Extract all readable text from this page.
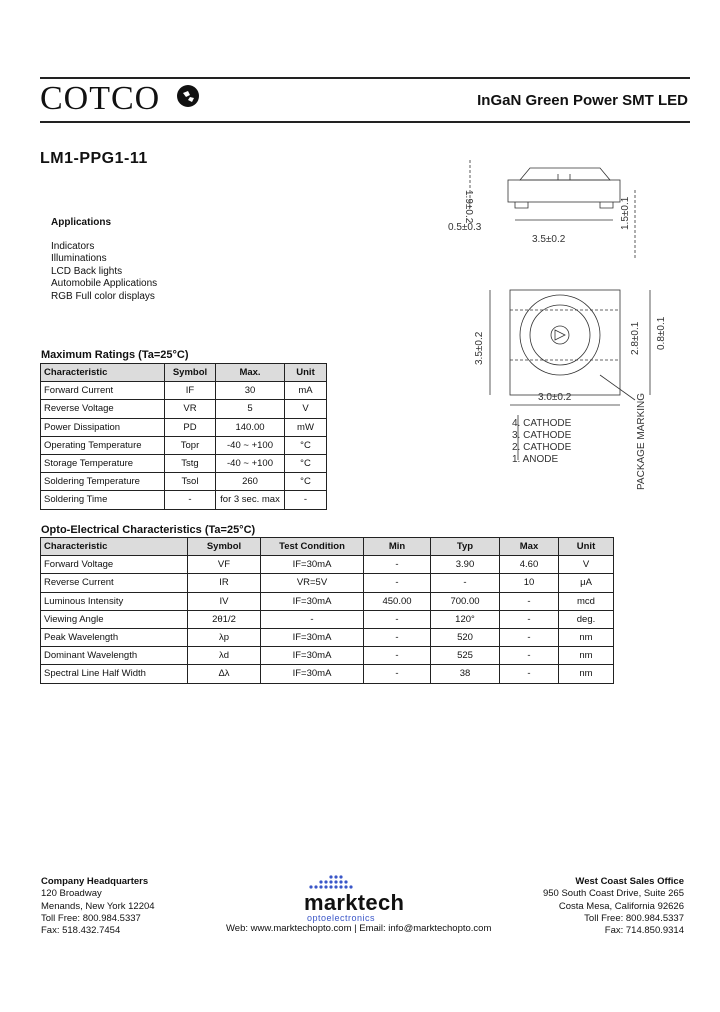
COTCO	InGaN Green Power SMT LED
LM1-PPG1-11
Applications
Indicators
Illuminations
LCD Back lights
Automobile Applications
RGB Full color displays
1.9±0.2
0.5±0.3
3.5±0.2
1.5±0.1
3.5±0.2
3.0±0.2
2.8±0.1 0.8±0.1
4. CATHODE
3. CATHODE
2. CATHODE
1. ANODE	PACKAGE MARKING
Maximum Ratings (Ta=25°C)
Characteristic	Symbol	Max.	Unit
Forward Current	IF	30	mA
Reverse Voltage	VR	5	V
Power Dissipation	PD	140.00	mW
Operating Temperature	Topr	-40 ~ +100	°C
Storage Temperature	Tstg	-40 ~ +100	°C
Soldering Temperature	Tsol	260	°C
Soldering Time	-	for 3 sec. max	-
Opto-Electrical Characteristics (Ta=25°C)
Characteristic	Symbol	Test Condition	Min	Typ	Max	Unit
Forward Voltage	VF	IF=30mA	-	3.90	4.60	V
Reverse Current	IR	VR=5V	-	-	10	μA
Luminous Intensity	IV	IF=30mA	450.00	700.00	-	mcd
Viewing Angle	2θ1/2	-	-	120°	-	deg.
Peak Wavelength	λp	IF=30mA	-	520	-	nm
Dominant Wavelength	λd	IF=30mA	-	525	-	nm
Spectral Line Half Width	Δλ	IF=30mA	-	38	-	nm
Company Headquarters
120 Broadway
Menands, New York 12204
Toll Free: 800.984.5337
Fax: 518.432.7454
marktech
optoelectronics
Web: www.marktechopto.com | Email: info@marktechopto.com
West Coast Sales Office
950 South Coast Drive, Suite 265
Costa Mesa, California 92626
Toll Free: 800.984.5337
Fax: 714.850.9314
